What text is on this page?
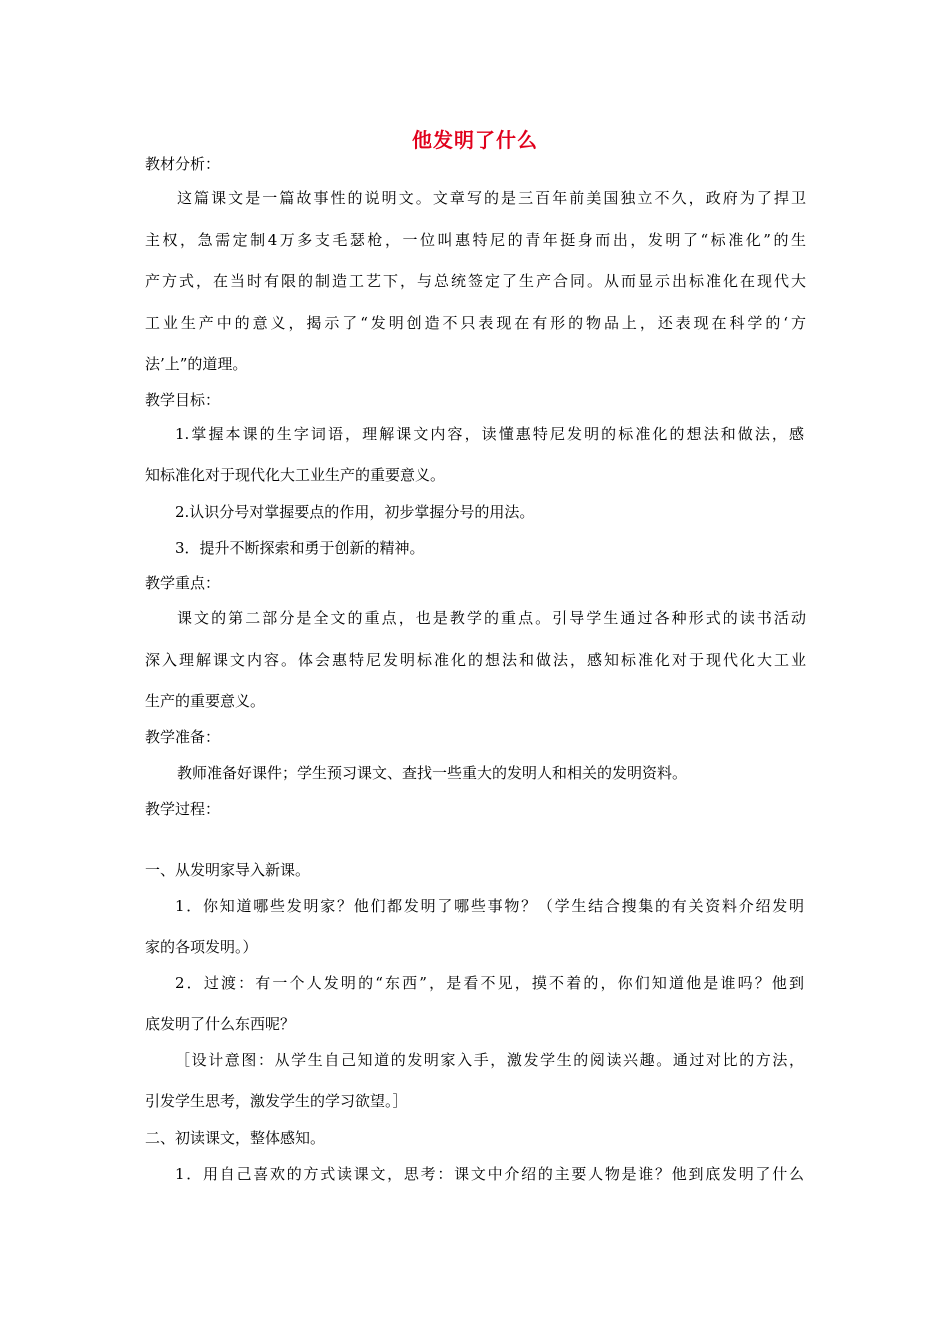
他发明了什么
教材分析：
这篇课文是一篇故事性的说明文。文章写的是三百年前美国独立不久，政府为了捍卫
主权，急需定制4万多支毛瑟枪，一位叫惠特尼的青年挺身而出，发明了“标准化”的生
产方式，在当时有限的制造工艺下，与总统签定了生产合同。从而显示出标准化在现代大
工业生产中的意义，揭示了“发明创造不只表现在有形的物品上，还表现在科学的‘方
法’上”的道理。
教学目标：
1.掌握本课的生字词语，理解课文内容，读懂惠特尼发明的标准化的想法和做法，感
知标准化对于现代化大工业生产的重要意义。
2.认识分号对掌握要点的作用，初步掌握分号的用法。
3．提升不断探索和勇于创新的精神。
教学重点：
课文的第二部分是全文的重点，也是教学的重点。引导学生通过各种形式的读书活动
深入理解课文内容。体会惠特尼发明标准化的想法和做法，感知标准化对于现代化大工业
生产的重要意义。
教学准备：
教师准备好课件；学生预习课文、查找一些重大的发明人和相关的发明资料。
教学过程：
一、从发明家导入新课。
1．你知道哪些发明家？他们都发明了哪些事物？（学生结合搜集的有关资料介绍发明
家的各项发明。）
2．过渡：有一个人发明的“东西”，是看不见，摸不着的，你们知道他是谁吗？他到
底发明了什么东西呢？
［设计意图：从学生自己知道的发明家入手，激发学生的阅读兴趣。通过对比的方法，
引发学生思考，激发学生的学习欲望。］
二、初读课文，整体感知。
1．用自己喜欢的方式读课文，思考：课文中介绍的主要人物是谁？他到底发明了什么
